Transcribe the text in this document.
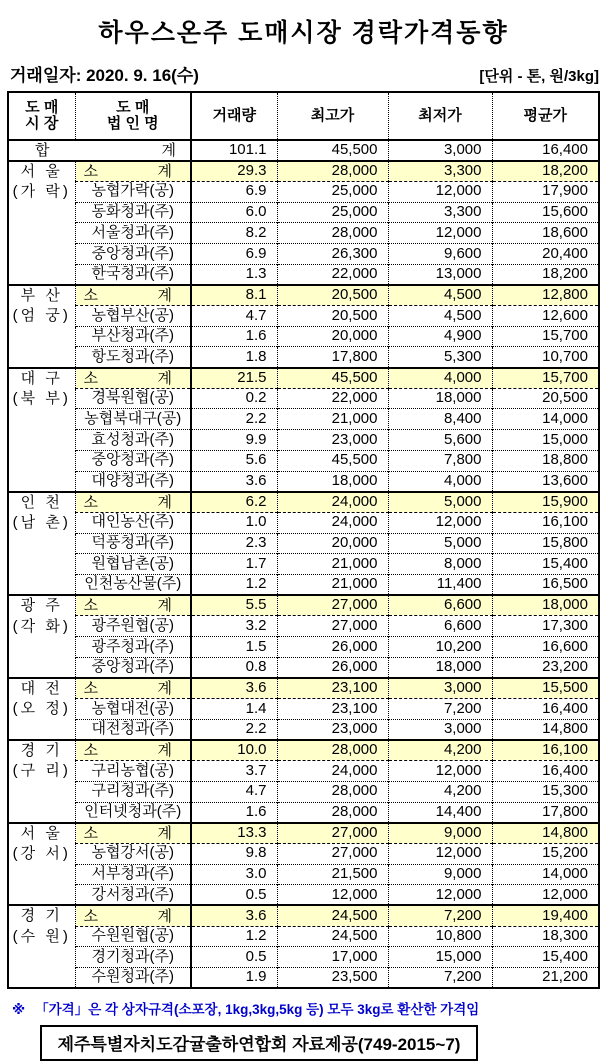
하우스온주 도매시장 경락가격동향
거래일자: 2020. 9. 16(수)	[단위 - 톤, 원/3kg]
도 매
시 장

도 매
법 인 명	거래량	최고가	최저가	평균가

합 계		101.1	45,500	3,000	16,400

서 울
(가 락)

소	계	29.3	28,000	3,300	18,200
	농협가락(공)	6.9	25,000	12,000	17,900
	동화청과(주)	6.0	25,000	3,300	15,600
	서울청과(주)	8.2	28,000	12,000	18,600
	중앙청과(주)	6.9	26,300	9,600	20,400
	한국청과(주)	1.3	22,000	13,000	18,200

부 산
(엄 궁)

소	계	8.1	20,500	4,500	12,800
	농협부산(공)	4.7	20,500	4,500	12,600
	부산청과(주)	1.6	20,000	4,900	15,700
	항도청과(주)	1.8	17,800	5,300	10,700

대 구
(북 부)

소	계	21.5	45,500	4,000	15,700
	경북원협(공)	0.2	22,000	18,000	20,500
	농협북대구(공)	2.2	21,000	8,400	14,000
	효성청과(주)	9.9	23,000	5,600	15,000
	중앙청과(주)	5.6	45,500	7,800	18,800
	대양청과(주)	3.6	18,000	4,000	13,600

인 천
(남 촌)

소	계	6.2	24,000	5,000	15,900
	대인농산(주)	1.0	24,000	12,000	16,100
	덕풍청과(주)	2.3	20,000	5,000	15,800
	원협남촌(공)	1.7	21,000	8,000	15,400
	인천농산물(주)	1.2	21,000	11,400	16,500

광 주
(각 화)

소	계	5.5	27,000	6,600	18,000
	광주원협(공)	3.2	27,000	6,600	17,300
	광주청과(주)	1.5	26,000	10,200	16,600
	중앙청과(주)	0.8	26,000	18,000	23,200

대 전
(오 정)

소	계	3.6	23,100	3,000	15,500
	농협대전(공)	1.4	23,100	7,200	16,400
	대전청과(주)	2.2	23,000	3,000	14,800

경 기
(구 리)

소	계	10.0	28,000	4,200	16,100
	구리농협(공)	3.7	24,000	12,000	16,400
	구리청과(주)	4.7	28,000	4,200	15,300
	인터넷청과(주)	1.6	28,000	14,400	17,800

서 울
(강 서)

소	계	13.3	27,000	9,000	14,800
	농협강서(공)	9.8	27,000	12,000	15,200
	서부청과(주)	3.0	21,500	9,000	14,000
	강서청과(주)	0.5	12,000	12,000	12,000

경 기
(수 원)

소	계	3.6	24,500	7,200	19,400
	수원원협(공)	1.2	24,500	10,800	18,300
	경기청과(주)	0.5	17,000	15,000	15,400
	수원청과(주)	1.9	23,500	7,200	21,200
※ 「가격」은 각 상자규격(소포장, 1kg,3kg,5kg 등) 모두 3kg로 환산한 가격임
제주특별자치도감귤출하연합회 자료제공(749-2015~7)
